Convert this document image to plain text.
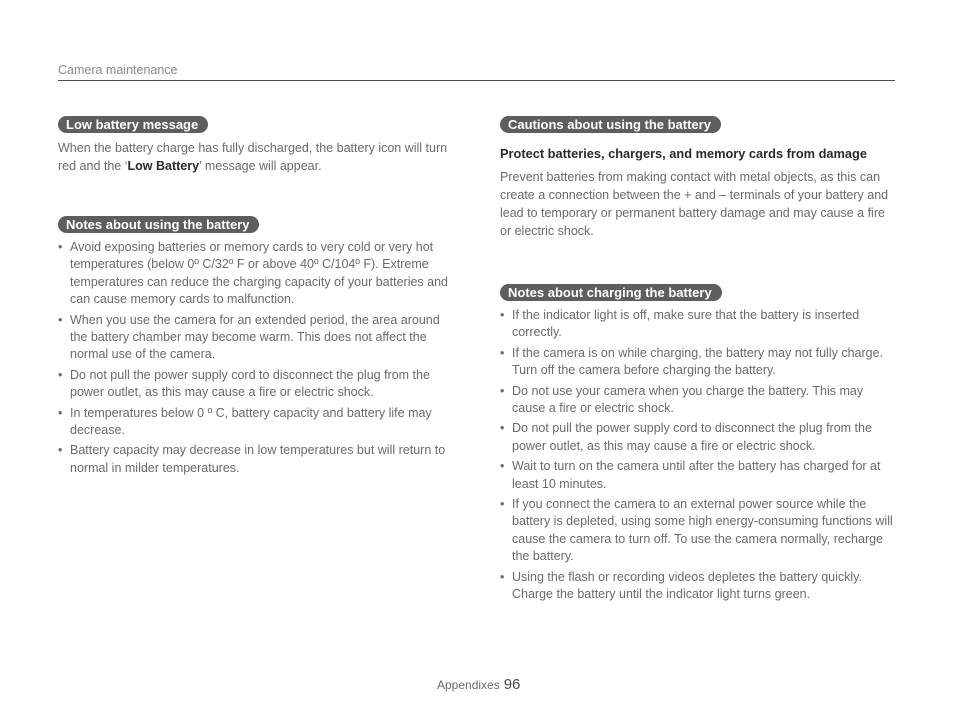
Camera maintenance
Low battery message

When the battery charge has fully discharged, the battery icon will turn red and the ‘Low Battery’ message will appear.

Notes about using the battery
• Avoid exposing batteries or memory cards to very cold or very hot temperatures (below 0º C/32º F or above 40º C/104º F). Extreme temperatures can reduce the charging capacity of your batteries and can cause memory cards to malfunction.
• When you use the camera for an extended period, the area around the battery chamber may become warm. This does not affect the normal use of the camera.
• Do not pull the power supply cord to disconnect the plug from the power outlet, as this may cause a fire or electric shock.
• In temperatures below 0 º C, battery capacity and battery life may decrease.
• Battery capacity may decrease in low temperatures but will return to normal in milder temperatures.
Cautions about using the battery

Protect batteries, chargers, and memory cards from damage

Prevent batteries from making contact with metal objects, as this can create a connection between the + and – terminals of your battery and lead to temporary or permanent battery damage and may cause a fire or electric shock.

Notes about charging the battery
• If the indicator light is off, make sure that the battery is inserted correctly.
• If the camera is on while charging, the battery may not fully charge. Turn off the camera before charging the battery.
• Do not use your camera when you charge the battery. This may cause a fire or electric shock.
• Do not pull the power supply cord to disconnect the plug from the power outlet, as this may cause a fire or electric shock.
• Wait to turn on the camera until after the battery has charged for at least 10 minutes.
• If you connect the camera to an external power source while the battery is depleted, using some high energy-consuming functions will cause the camera to turn off. To use the camera normally, recharge the battery.
• Using the flash or recording videos depletes the battery quickly. Charge the battery until the indicator light turns green.
Appendixes 96
